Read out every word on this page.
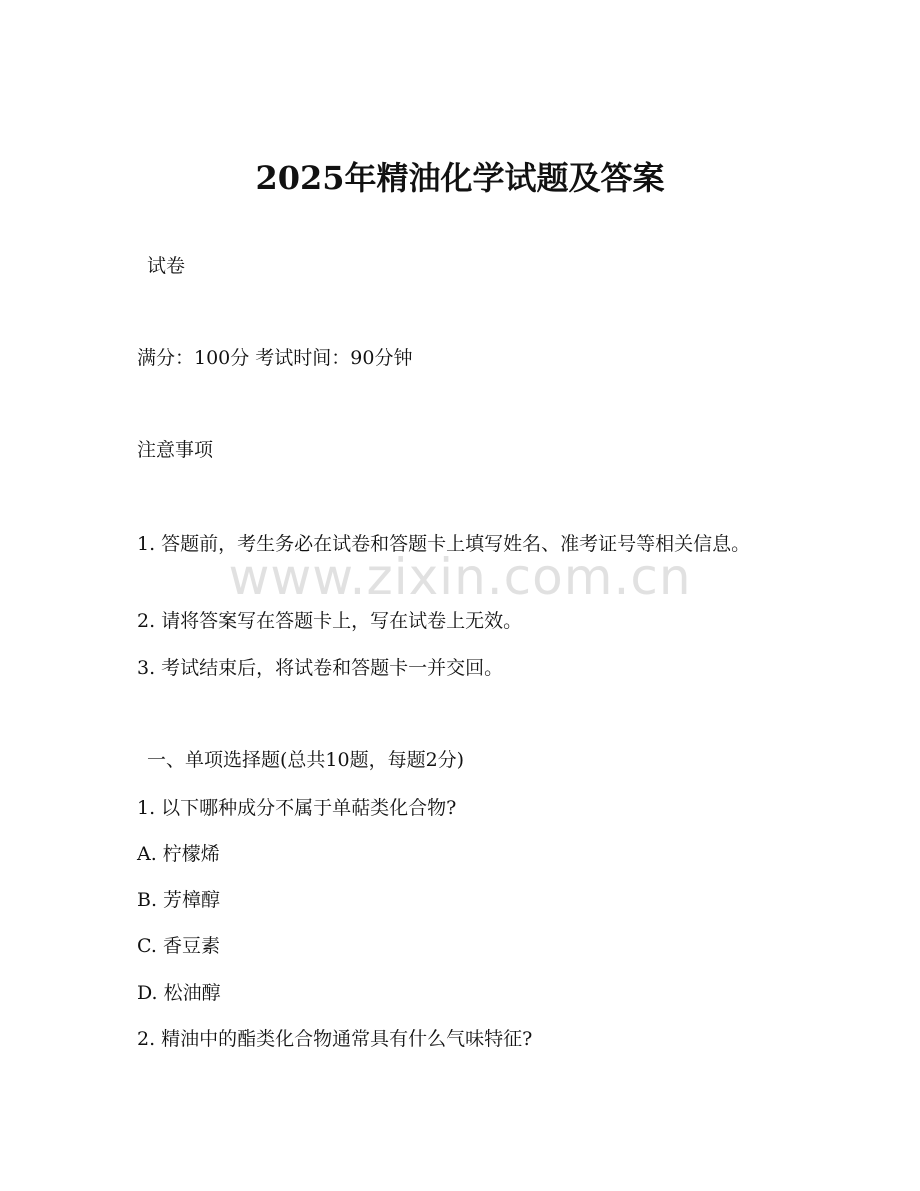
2025年精油化学试题及答案
试卷
满分：100分 考试时间：90分钟
注意事项
1. 答题前，考生务必在试卷和答题卡上填写姓名、准考证号等相关信息。
2. 请将答案写在答题卡上，写在试卷上无效。
3. 考试结束后，将试卷和答题卡一并交回。
一、单项选择题(总共10题，每题2分)
1. 以下哪种成分不属于单萜类化合物?
A. 柠檬烯
B. 芳樟醇
C. 香豆素
D. 松油醇
2. 精油中的酯类化合物通常具有什么气味特征?
www.zixin.com.cn
